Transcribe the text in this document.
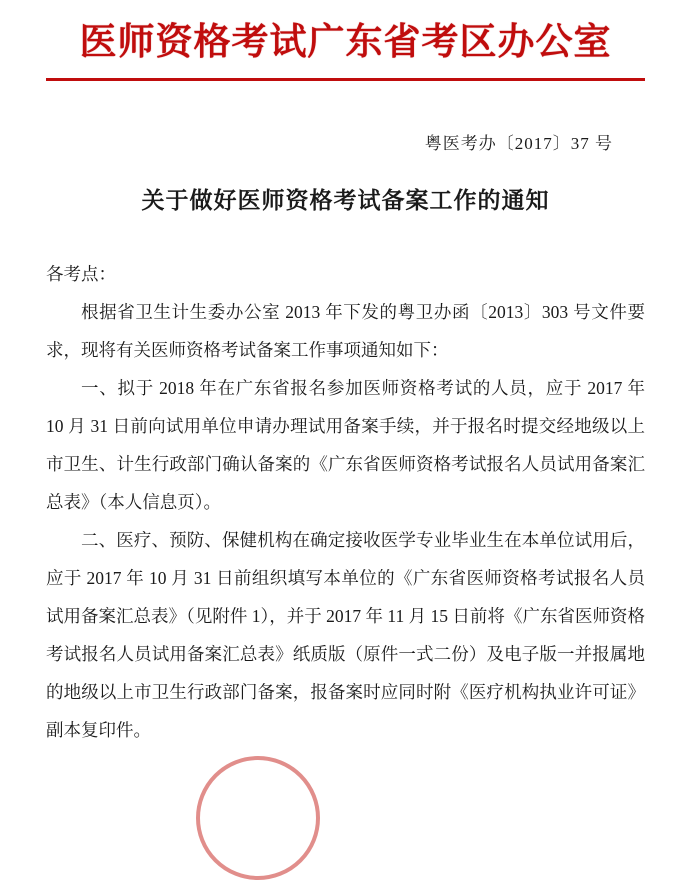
医师资格考试广东省考区办公室
粤医考办〔2017〕37 号
关于做好医师资格考试备案工作的通知

各考点：

根据省卫生计生委办公室 2013 年下发的粤卫办函〔2013〕303 号文件要求，现将有关医师资格考试备案工作事项通知如下：

一、拟于 2018 年在广东省报名参加医师资格考试的人员，应于 2017 年 10 月 31 日前向试用单位申请办理试用备案手续，并于报名时提交经地级以上市卫生、计生行政部门确认备案的《广东省医师资格考试报名人员试用备案汇总表》（本人信息页）。

二、医疗、预防、保健机构在确定接收医学专业毕业生在本单位试用后，应于 2017 年 10 月 31 日前组织填写本单位的《广东省医师资格考试报名人员试用备案汇总表》（见附件 1），并于 2017 年 11 月 15 日前将《广东省医师资格考试报名人员试用备案汇总表》纸质版（原件一式二份）及电子版一并报属地的地级以上市卫生行政部门备案，报备案时应同时附《医疗机构执业许可证》副本复印件。
